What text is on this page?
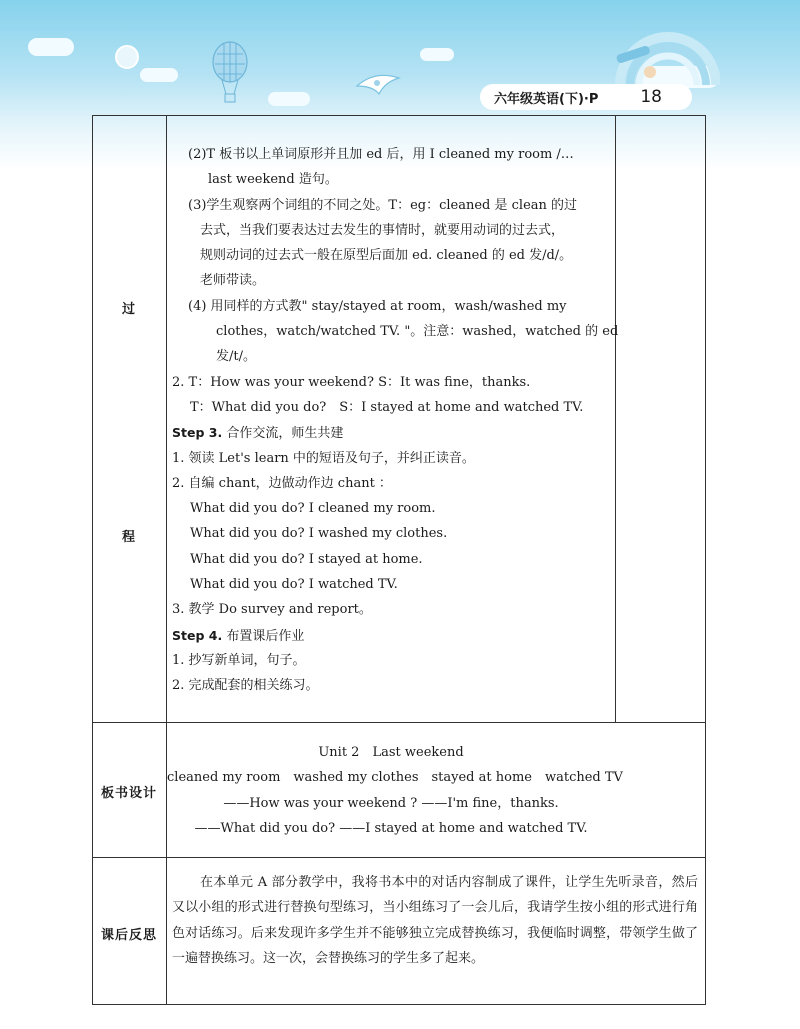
六年级英语(下)·P 18
过
程
板书设计
课后反思
(2)T 板书以上单词原形并且加 ed 后，用 I cleaned my room /…
last weekend 造句。
(3)学生观察两个词组的不同之处。T：eg：cleaned 是 clean 的过
去式，当我们要表达过去发生的事情时，就要用动词的过去式，
规则动词的过去式一般在原型后面加 ed. cleaned 的 ed 发/d/。
老师带读。
(4) 用同样的方式教" stay/stayed at room，wash/washed my
clothes，watch/watched TV. "。注意：washed，watched 的 ed
发/t/。
2. T：How was your weekend? S：It was fine，thanks.
T：What did you do?　S：I stayed at home and watched TV.
Step 3. 合作交流，师生共建
1. 领读 Let's learn 中的短语及句子，并纠正读音。
2. 自编 chant，边做动作边 chant ：
What did you do? I cleaned my room.
What did you do? I washed my clothes.
What did you do? I stayed at home.
What did you do? I watched TV.
3. 教学 Do survey and report。
Step 4. 布置课后作业
1. 抄写新单词，句子。
2. 完成配套的相关练习。
Unit 2　Last weekend
cleaned my room　washed my clothes　stayed at home　watched TV
——How was your weekend ? ——I'm fine，thanks.
——What did you do? ——I stayed at home and watched TV.
在本单元 A 部分教学中，我将书本中的对话内容制成了课件，让学生先听录音，然后又以小组的形式进行替换句型练习，当小组练习了一会儿后，我请学生按小组的形式进行角色对话练习。后来发现许多学生并不能够独立完成替换练习，我便临时调整，带领学生做了一遍替换练习。这一次，会替换练习的学生多了起来。
